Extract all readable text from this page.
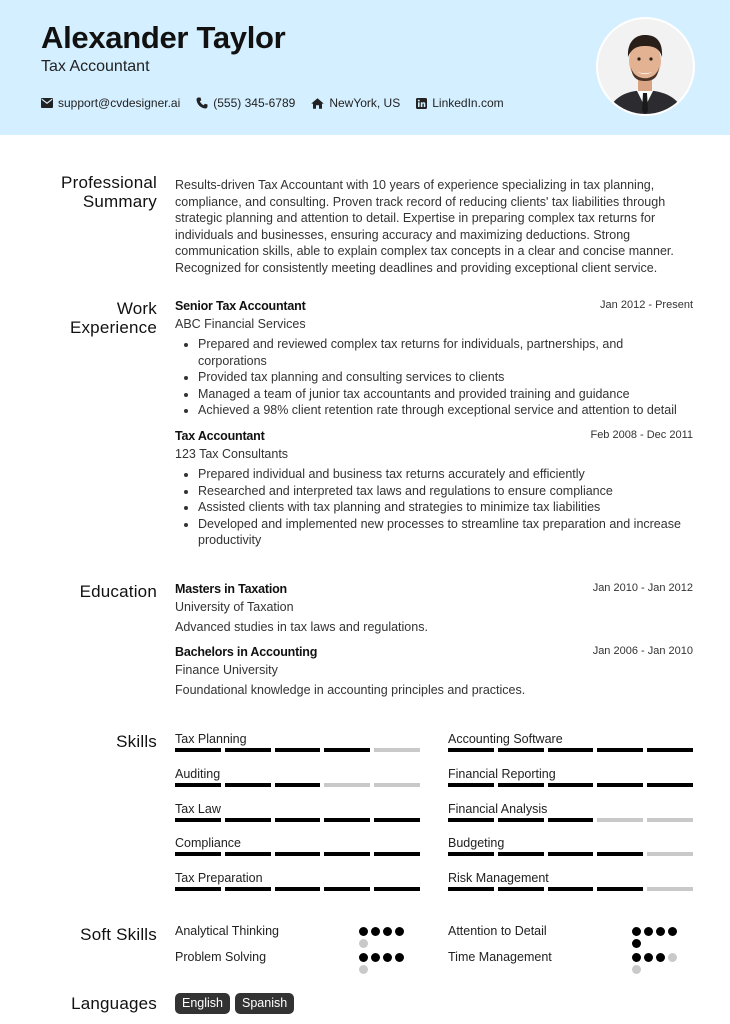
Alexander Taylor
Tax Accountant
support@cvdesigner.ai	(555) 345-6789	NewYork, US	LinkedIn.com
Professional
Summary
Results-driven Tax Accountant with 10 years of experience specializing in tax planning, compliance, and consulting. Proven track record of reducing clients' tax liabilities through strategic planning and attention to detail. Expertise in preparing complex tax returns for individuals and businesses, ensuring accuracy and maximizing deductions. Strong communication skills, able to explain complex tax concepts in a clear and concise manner. Recognized for consistently meeting deadlines and providing exceptional client service.
Work
Experience
Senior Tax Accountant	Jan 2012 - Present
ABC Financial Services
• Prepared and reviewed complex tax returns for individuals, partnerships, and corporations
• Provided tax planning and consulting services to clients
• Managed a team of junior tax accountants and provided training and guidance
• Achieved a 98% client retention rate through exceptional service and attention to detail
Tax Accountant	Feb 2008 - Dec 2011
123 Tax Consultants
• Prepared individual and business tax returns accurately and efficiently
• Researched and interpreted tax laws and regulations to ensure compliance
• Assisted clients with tax planning and strategies to minimize tax liabilities
• Developed and implemented new processes to streamline tax preparation and increase productivity
Education Masters in Taxation	Jan 2010 - Jan 2012
University of Taxation
Advanced studies in tax laws and regulations.
Bachelors in Accounting	Jan 2006 - Jan 2010
Finance University
Foundational knowledge in accounting principles and practices.
Skills Tax Planning	Accounting Software
Auditing	Financial Reporting
Tax Law	Financial Analysis
Compliance	Budgeting
Tax Preparation	Risk Management
Soft Skills Analytical Thinking	Attention to Detail
Problem Solving	Time Management
Languages	English	Spanish
